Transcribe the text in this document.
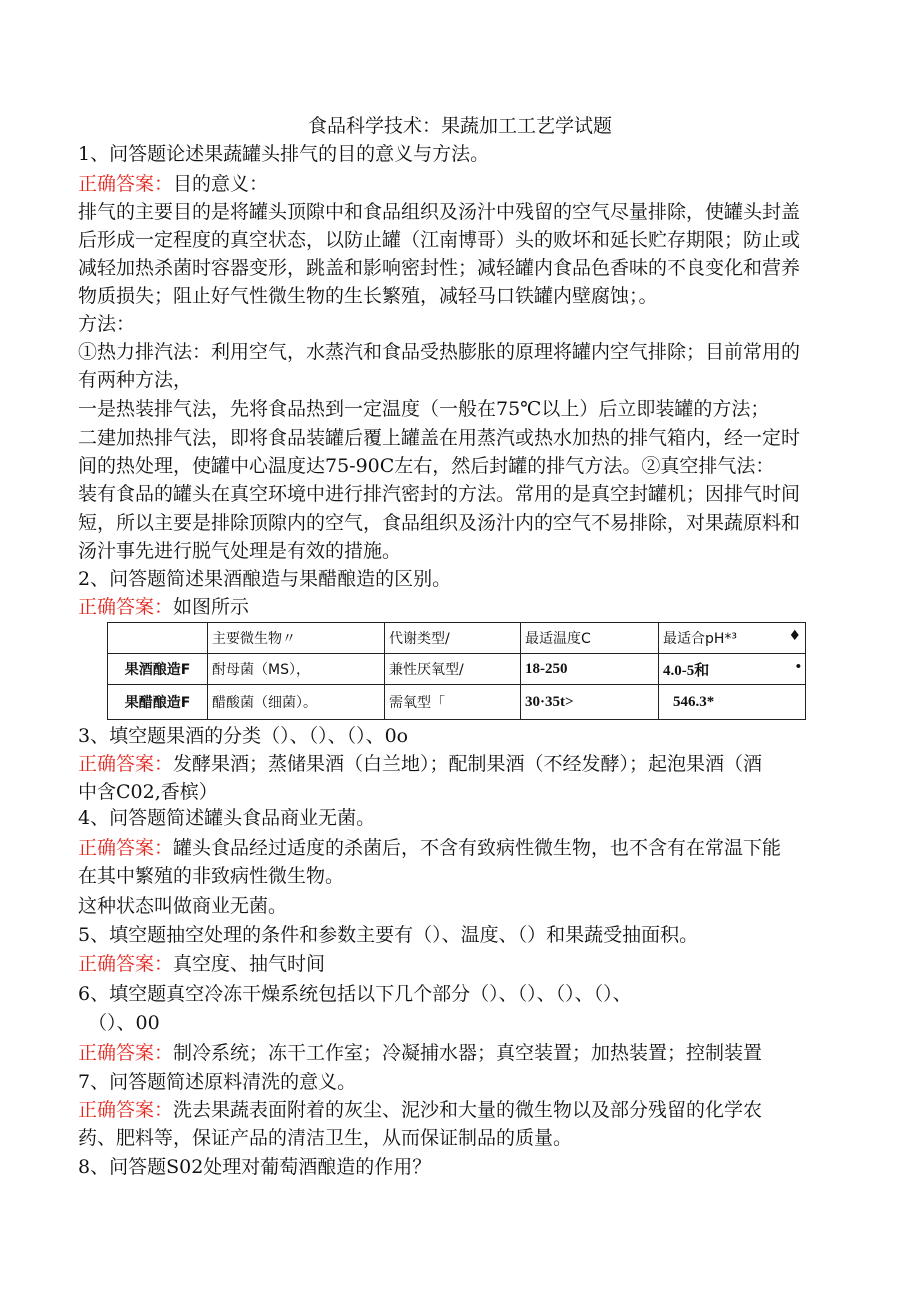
食品科学技术：果蔬加工工艺学试题
1、问答题论述果蔬罐头排气的目的意义与方法。
正确答案：目的意义：
排气的主要目的是将罐头顶隙中和食品组织及汤汁中残留的空气尽量排除，使罐头封盖
后形成一定程度的真空状态，以防止罐（江南博哥）头的败坏和延长贮存期限；防止或
减轻加热杀菌时容器变形，跳盖和影响密封性；减轻罐内食品色香味的不良变化和营养
物质损失；阻止好气性微生物的生长繁殖，减轻马口铁罐内壁腐蚀；。
方法：
①热力排汽法：利用空气，水蒸汽和食品受热膨胀的原理将罐内空气排除；目前常用的
有两种方法，
一是热装排气法，先将食品热到一定温度（一般在75℃以上）后立即装罐的方法；
二建加热排气法，即将食品装罐后覆上罐盖在用蒸汽或热水加热的排气箱内，经一定时
间的热处理，使罐中心温度达75-90C左右，然后封罐的排气方法。②真空排气法：
装有食品的罐头在真空环境中进行排汽密封的方法。常用的是真空封罐机；因排气时间
短，所以主要是排除顶隙内的空气，食品组织及汤汁内的空气不易排除，对果蔬原料和
汤汁事先进行脱气处理是有效的措施。
2、问答题简述果酒酿造与果醋酿造的区别。
正确答案：如图所示
	主要微生物〃	代谢类型/	最适温度C	最适合pH*³ ♦

果酒酿造F	酎母菌（MS），	兼性厌氧型/	18-250	4.0-5和 •

果醋酿造F	醋酸菌（细菌）。	需氧型「	30·35t>	546.3*
3、填空题果酒的分类（）、（）、（）、0o
正确答案：发酵果酒；蒸储果酒（白兰地）；配制果酒（不经发酵）；起泡果酒（酒
中含C02,香槟）
4、问答题简述罐头食品商业无菌。
正确答案：罐头食品经过适度的杀菌后，不含有致病性微生物，也不含有在常温下能
在其中繁殖的非致病性微生物。
这种状态叫做商业无菌。
5、填空题抽空处理的条件和参数主要有（）、温度、（）和果蔬受抽面积。
正确答案：真空度、抽气时间
6、填空题真空冷冻干燥系统包括以下几个部分（）、（）、（）、（）、
（）、00
正确答案：制冷系统；冻干工作室；冷凝捕水器；真空装置；加热装置；控制装置
7、问答题简述原料清洗的意义。
正确答案：洗去果蔬表面附着的灰尘、泥沙和大量的微生物以及部分残留的化学农
药、肥料等，保证产品的清洁卫生，从而保证制品的质量。
8、问答题S02处理对葡萄酒酿造的作用？
